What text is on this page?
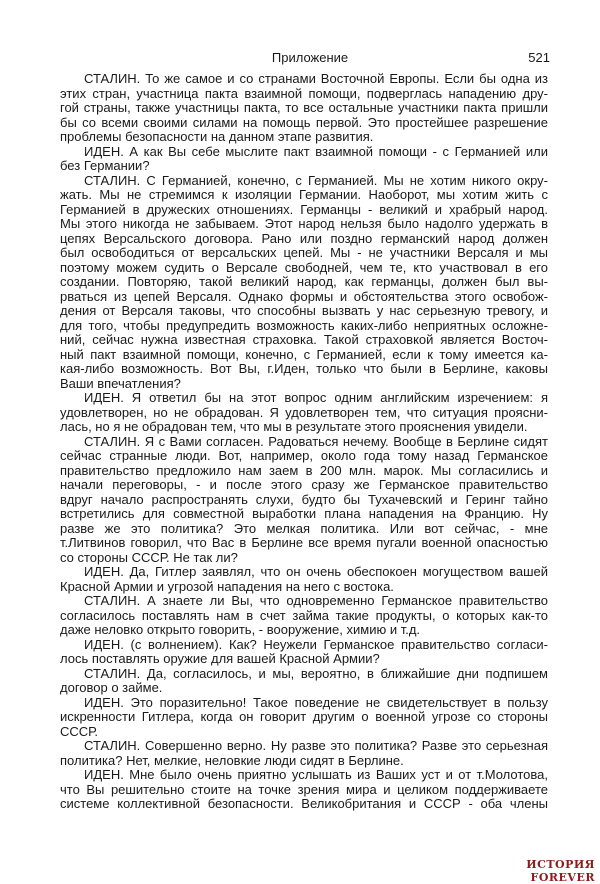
Приложение	521
СТАЛИН. То же самое и со странами Восточной Европы. Если бы одна из
этих стран, участница пакта взаимной помощи, подверглась нападению дру-
гой страны, также участницы пакта, то все остальные участники пакта пришли
бы со всеми своими силами на помощь первой. Это простейшее разрешение
проблемы безопасности на данном этапе развития.
ИДЕН. А как Вы себе мыслите пакт взаимной помощи - с Германией или
без Германии?
СТАЛИН. С Германией, конечно, с Германией. Мы не хотим никого окру-
жать. Мы не стремимся к изоляции Германии. Наоборот, мы хотим жить с
Германией в дружеских отношениях. Германцы - великий и храбрый народ.
Мы этого никогда не забываем. Этот народ нельзя было надолго удержать в
цепях Версальского договора. Рано или поздно германский народ должен
был освободиться от версальских цепей. Мы - не участники Версаля и мы
поэтому можем судить о Версале свободней, чем те, кто участвовал в его
создании. Повторяю, такой великий народ, как германцы, должен был вы-
рваться из цепей Версаля. Однако формы и обстоятельства этого освобож-
дения от Версаля таковы, что способны вызвать у нас серьезную тревогу, и
для того, чтобы предупредить возможность каких-либо неприятных осложне-
ний, сейчас нужна известная страховка. Такой страховкой является Восточ-
ный пакт взаимной помощи, конечно, с Германией, если к тому имеется ка-
кая-либо возможность. Вот Вы, г.Иден, только что были в Берлине, каковы
Ваши впечатления?
ИДЕН. Я ответил бы на этот вопрос одним английским изречением: я
удовлетворен, но не обрадован. Я удовлетворен тем, что ситуация проясни-
лась, но я не обрадован тем, что мы в результате этого прояснения увидели.
СТАЛИН. Я с Вами согласен. Радоваться нечему. Вообще в Берлине сидят
сейчас странные люди. Вот, например, около года тому назад Германское
правительство предложило нам заем в 200 млн. марок. Мы согласились и
начали переговоры, - и после этого сразу же Германское правительство
вдруг начало распространять слухи, будто бы Тухачевский и Геринг тайно
встретились для совместной выработки плана нападения на Францию. Ну
разве же это политика? Это мелкая политика. Или вот сейчас, - мне
т.Литвинов говорил, что Вас в Берлине все время пугали военной опасностью
со стороны СССР. Не так ли?
ИДЕН. Да, Гитлер заявлял, что он очень обеспокоен могуществом вашей
Красной Армии и угрозой нападения на него с востока.
СТАЛИН. А знаете ли Вы, что одновременно Германское правительство
согласилось поставлять нам в счет займа такие продукты, о которых как-то
даже неловко открыто говорить, - вооружение, химию и т.д.
ИДЕН. (с волнением). Как? Неужели Германское правительство согласи-
лось поставлять оружие для вашей Красной Армии?
СТАЛИН. Да, согласилось, и мы, вероятно, в ближайшие дни подпишем
договор о займе.
ИДЕН. Это поразительно! Такое поведение не свидетельствует в пользу
искренности Гитлера, когда он говорит другим о военной угрозе со стороны
СССР.
СТАЛИН. Совершенно верно. Ну разве это политика? Разве это серьезная
политика? Нет, мелкие, неловкие люди сидят в Берлине.
ИДЕН. Мне было очень приятно услышать из Ваших уст и от т.Молотова,
что Вы решительно стоите на точке зрения мира и целиком поддерживаете
системе коллективной безопасности. Великобритания и СССР - оба члены
ИСТОРИЯ FOREVER
